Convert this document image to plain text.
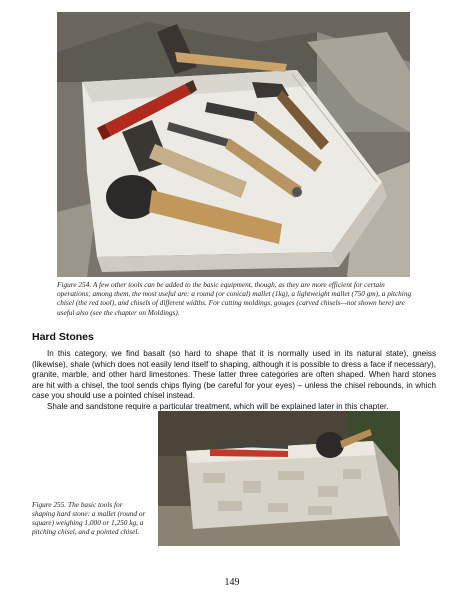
Figure 254. A few other tools can be added to the basic equipment, though, as they are more efficient for certain operations; among them, the most useful are: a round (or conical) mallet (1kg), a lightweight mallet (750 gm), a pitching chisel (the red tool), and chisels of different widths. For cutting moldings, gouges (carved chisels—not shown here) are useful also (see the chapter on Moldings).
Hard Stones

In this category, we find basalt (so hard to shape that it is normally used in its natural state), gneiss (likewise), shale (which does not easily lend itself to shaping, although it is possible to dress a face if necessary), granite, marble, and other hard limestones. These latter three categories are often shaped. When hard stones are hit with a chisel, the tool sends chips flying (be careful for your eyes) – unless the chisel rebounds, in which case you should use a pointed chisel instead.

Shale and sandstone require a particular treatment, which will be explained later in this chapter.

Figure 255. The basic tools for shaping hard stone: a mallet (round or square) weighing 1,000 or 1,250 kg, a pitching chisel, and a pointed chisel.
149
